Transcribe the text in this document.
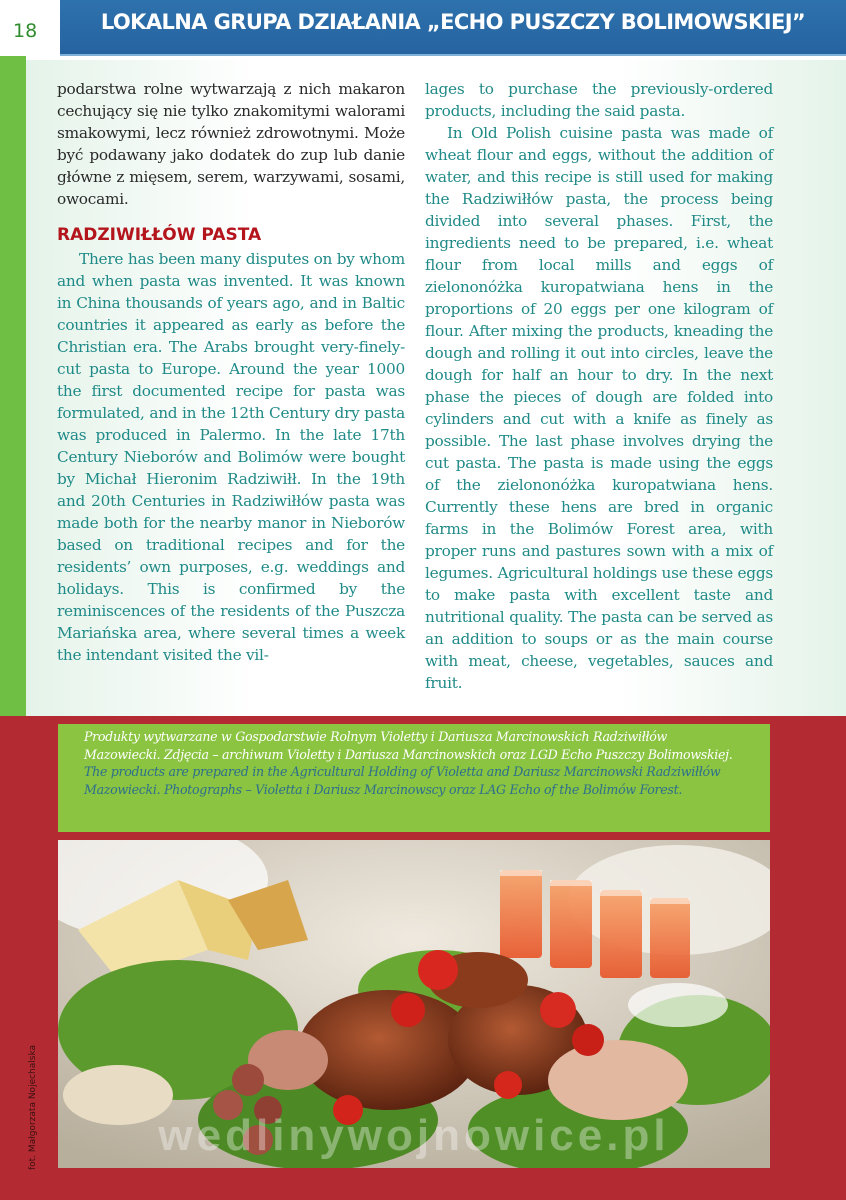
18	LOKALNA GRUPA DZIAŁANIA „ECHO PUSZCZY BOLIMOWSKIEJ”

podarstwa rolne wytwarzają z nich makaron cechujący się nie tylko znakomitymi walorami smakowymi, lecz również zdrowotnymi. Może być podawany jako dodatek do zup lub danie główne z mięsem, serem, warzywami, sosami, owocami.

RADZIWIŁŁÓW PASTA

There has been many disputes on by whom and when pasta was invented. It was known in China thousands of years ago, and in Baltic countries it appeared as early as before the Christian era. The Arabs brought very-finely-cut pasta to Europe. Around the year 1000 the first documented recipe for pasta was formulated, and in the 12th Century dry pasta was produced in Palermo. In the late 17th Century Nieborów and Bolimów were bought by Michał Hieronim Radziwiłł. In the 19th and 20th Centuries in Radziwiłłów pasta was made both for the nearby manor in Nieborów based on traditional recipes and for the residents’ own purposes, e.g. weddings and holidays. This is confirmed by the reminiscences of the residents of the Puszcza Mariańska area, where several times a week the intendant visited the vil-

lages to purchase the previously-ordered products, including the said pasta.

In Old Polish cuisine pasta was made of wheat flour and eggs, without the addition of water, and this recipe is still used for making the Radziwiłłów pasta, the process being divided into several phases. First, the ingredients need to be prepared, i.e. wheat flour from local mills and eggs of zielononóżka kuropatwiana hens in the proportions of 20 eggs per one kilogram of flour. After mixing the products, kneading the dough and rolling it out into circles, leave the dough for half an hour to dry. In the next phase the pieces of dough are folded into cylinders and cut with a knife as finely as possible. The last phase involves drying the cut pasta. The pasta is made using the eggs of the zielononóżka kuropatwiana hens. Currently these hens are bred in organic farms in the Bolimów Forest area, with proper runs and pastures sown with a mix of legumes. Agricultural holdings use these eggs to make pasta with excellent taste and nutritional quality. The pasta can be served as an addition to soups or as the main course with meat, cheese, vegetables, sauces and fruit.

Produkty wytwarzane w Gospodarstwie Rolnym Violetty i Dariusza Marcinowskich Radziwiłłów Mazowiecki. Zdjęcia – archiwum Violetty i Dariusza Marcinowskich oraz LGD Echo Puszczy Bolimowskiej.

The products are prepared in the Agricultural Holding of Violetta and Dariusz Marcinowski Radziwiłłów Mazowiecki. Photographs – Violetta i Dariusz Marcinowscy oraz LAG Echo of the Bolimów Forest.

wedlinywojnowice.pl
fot. Małgorzata Nojechalska
